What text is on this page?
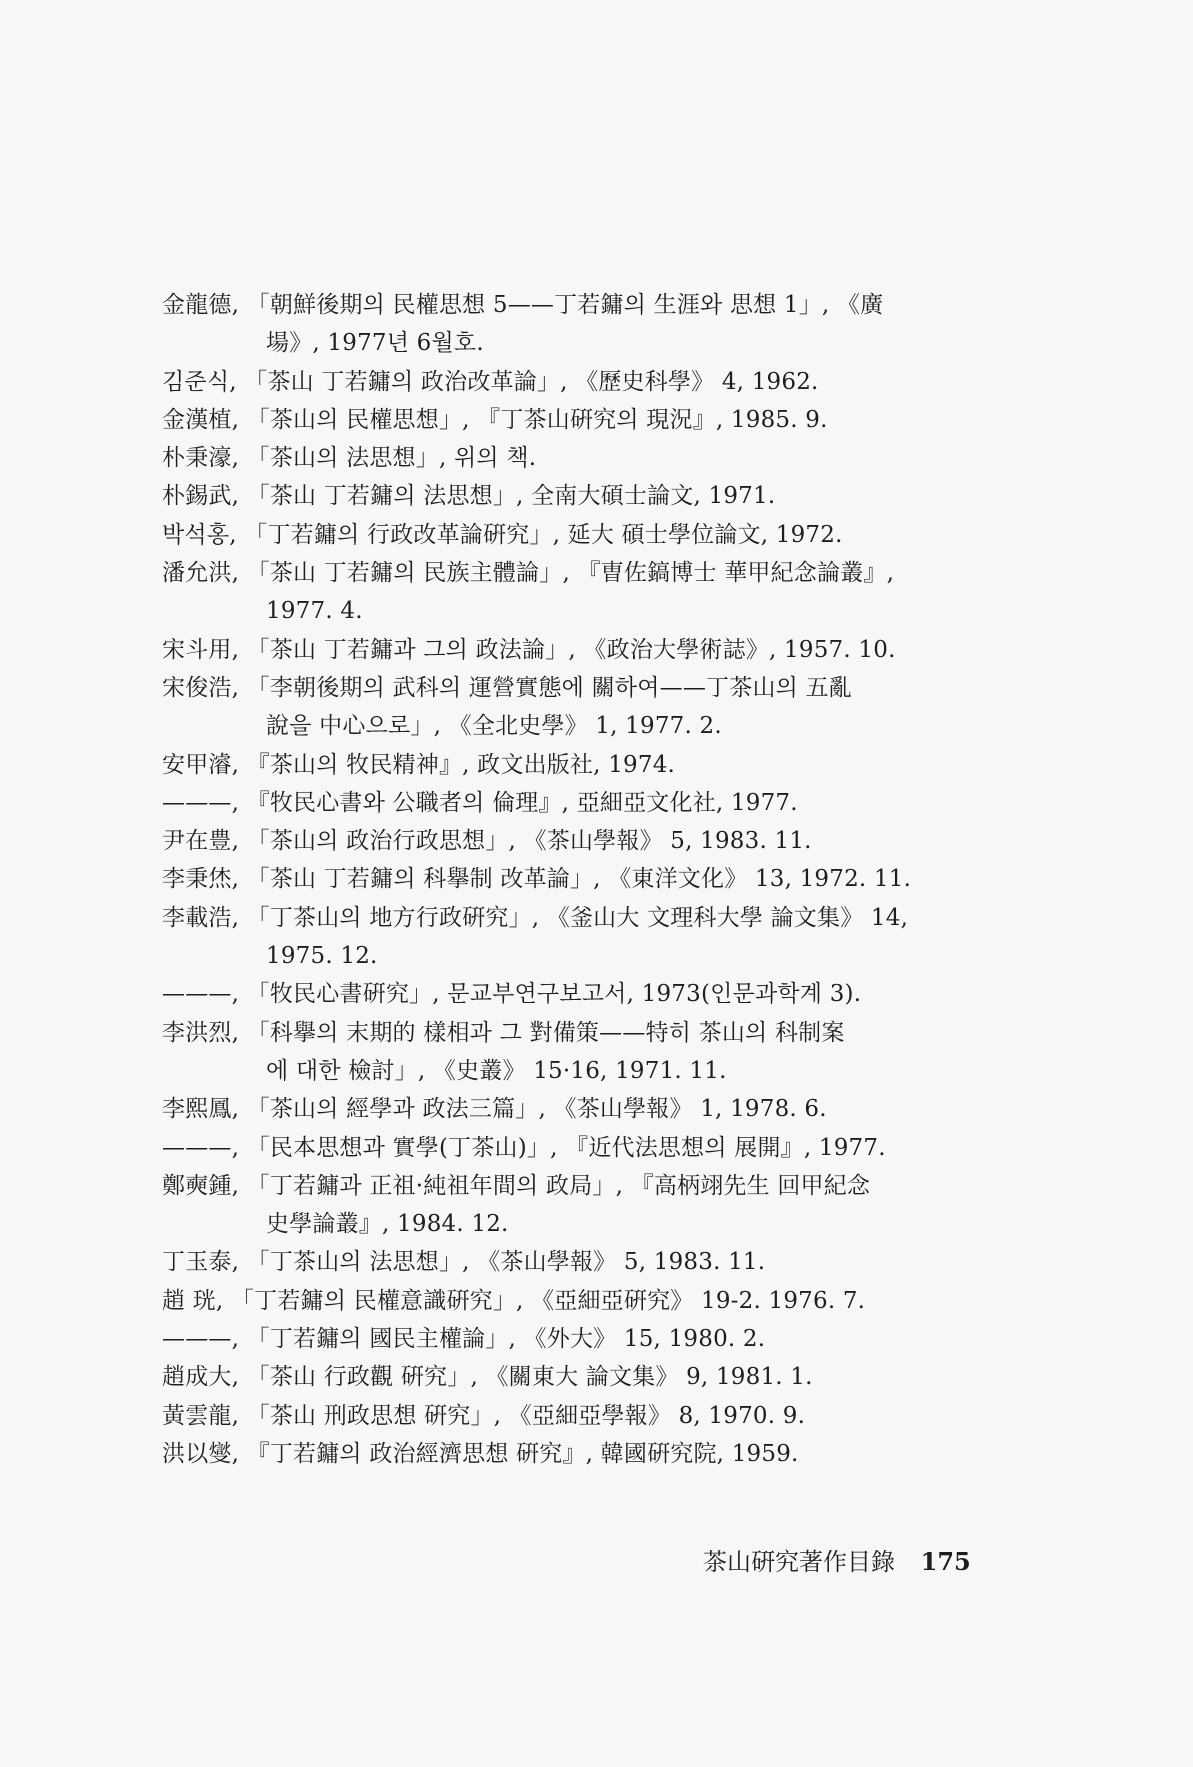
金龍德, 「朝鮮後期의 民權思想 5——丁若鏞의 生涯와 思想 1」, 《廣
場》, 1977년 6월호.
김준식, 「茶山 丁若鏞의 政治改革論」, 《歷史科學》 4, 1962.
金漢植, 「茶山의 民權思想」, 『丁茶山硏究의 現況』, 1985. 9.
朴秉濠, 「茶山의 法思想」, 위의 책.
朴錫武, 「茶山 丁若鏞의 法思想」, 全南大碩士論文, 1971.
박석홍, 「丁若鏞의 行政改革論硏究」, 延大 碩士學位論文, 1972.
潘允洪, 「茶山 丁若鏞의 民族主體論」, 『曺佐鎬博士 華甲紀念論叢』,
1977. 4.
宋斗用, 「茶山 丁若鏞과 그의 政法論」, 《政治大學術誌》, 1957. 10.
宋俊浩, 「李朝後期의 武科의 運營實態에 關하여——丁茶山의 五亂
說을 中心으로」, 《全北史學》 1, 1977. 2.
安甲濬, 『茶山의 牧民精神』, 政文出版社, 1974.
———, 『牧民心書와 公職者의 倫理』, 亞細亞文化社, 1977.
尹在豊, 「茶山의 政治行政思想」, 《茶山學報》 5, 1983. 11.
李秉烋, 「茶山 丁若鏞의 科擧制 改革論」, 《東洋文化》 13, 1972. 11.
李載浩, 「丁茶山의 地方行政硏究」, 《釜山大 文理科大學 論文集》 14,
1975. 12.
———, 「牧民心書硏究」, 문교부연구보고서, 1973(인문과학계 3).
李洪烈, 「科擧의 末期的 樣相과 그 對備策——特히 茶山의 科制案
에 대한 檢討」, 《史叢》 15·16, 1971. 11.
李熙鳳, 「茶山의 經學과 政法三篇」, 《茶山學報》 1, 1978. 6.
———, 「民本思想과 實學(丁茶山)」, 『近代法思想의 展開』, 1977.
鄭奭鍾, 「丁若鏞과 正祖·純祖年間의 政局」, 『高柄翊先生 回甲紀念
史學論叢』, 1984. 12.
丁玉泰, 「丁茶山의 法思想」, 《茶山學報》 5, 1983. 11.
趙 珖, 「丁若鏞의 民權意識硏究」, 《亞細亞硏究》 19-2. 1976. 7.
———, 「丁若鏞의 國民主權論」, 《外大》 15, 1980. 2.
趙成大, 「茶山 行政觀 硏究」, 《關東大 論文集》 9, 1981. 1.
黃雲龍, 「茶山 刑政思想 硏究」, 《亞細亞學報》 8, 1970. 9.
洪以燮, 『丁若鏞의 政治經濟思想 硏究』, 韓國硏究院, 1959.
茶山硏究著作目錄 175
